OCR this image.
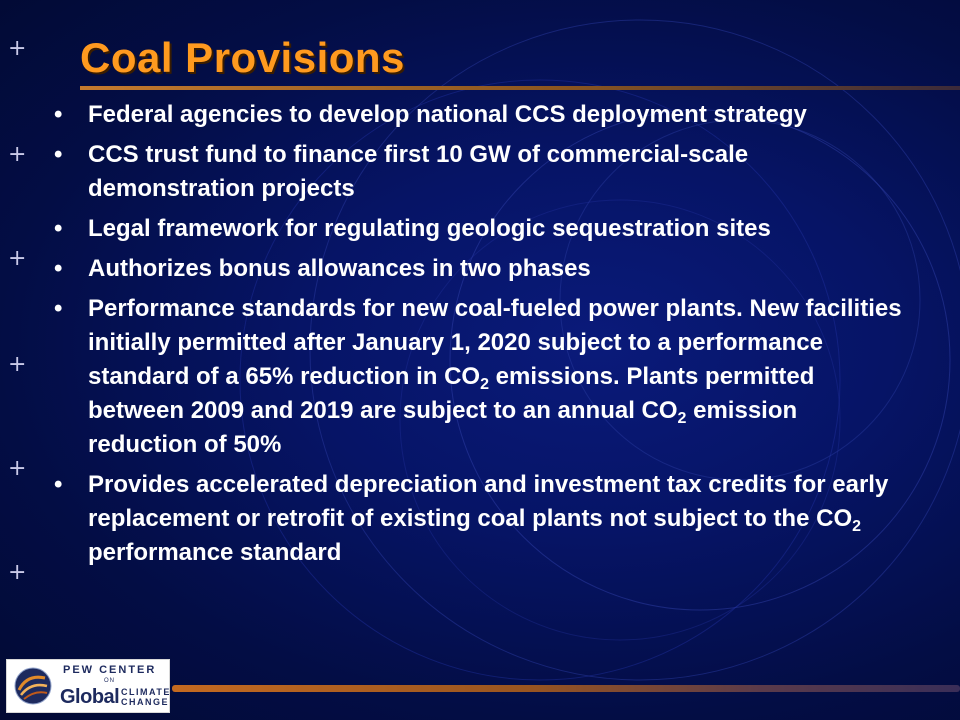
+
+
+
+
+
+
Coal Provisions
•	Federal agencies to develop national CCS deployment strategy
•	CCS trust fund to finance first 10 GW of commercial-scale demonstration projects
•	Legal framework for regulating geologic sequestration sites
•	Authorizes bonus allowances in two phases
•	Performance standards for new coal-fueled power plants. New facilities initially permitted after January 1, 2020 subject to a performance standard of a 65% reduction in $CO_2$ emissions. Plants permitted between 2009 and 2019 are subject to an annual $CO_2$ emission reduction of 50%
•	Provides accelerated depreciation and investment tax credits for early replacement or retrofit of existing coal plants not subject to the $CO_2$ performance standard
PEW CENTER
ON
Global CLIMATE
CHANGE
